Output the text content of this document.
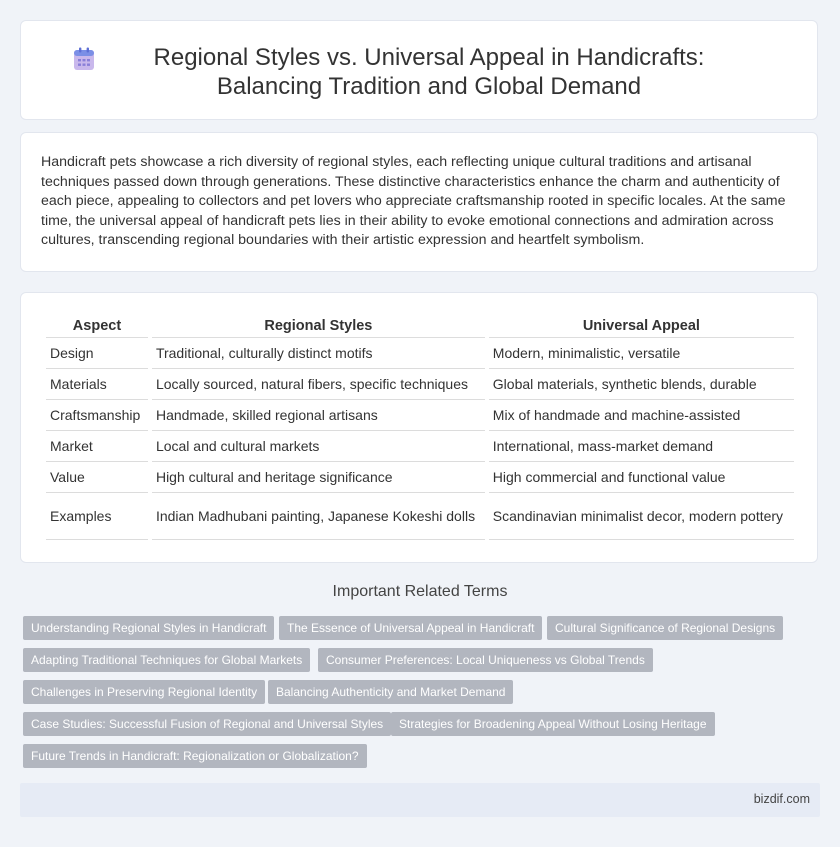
Regional Styles vs. Universal Appeal in Handicrafts: Balancing Tradition and Global Demand

Handicraft pets showcase a rich diversity of regional styles, each reflecting unique cultural traditions and artisanal techniques passed down through generations. These distinctive characteristics enhance the charm and authenticity of each piece, appealing to collectors and pet lovers who appreciate craftsmanship rooted in specific locales. At the same time, the universal appeal of handicraft pets lies in their ability to evoke emotional connections and admiration across cultures, transcending regional boundaries with their artistic expression and heartfelt symbolism.

Aspect	Regional Styles	Universal Appeal
Design	Traditional, culturally distinct motifs	Modern, minimalistic, versatile
Materials	Locally sourced, natural fibers, specific techniques	Global materials, synthetic blends, durable
Craftsmanship	Handmade, skilled regional artisans	Mix of handmade and machine-assisted
Market	Local and cultural markets	International, mass-market demand
Value	High cultural and heritage significance	High commercial and functional value
Examples	Indian Madhubani painting, Japanese Kokeshi dolls	Scandinavian minimalist decor, modern pottery
Important Related Terms
Understanding Regional Styles in Handicraft	The Essence of Universal Appeal in Handicraft	Cultural Significance of Regional Designs
Adapting Traditional Techniques for Global Markets	Consumer Preferences: Local Uniqueness vs Global Trends
Challenges in Preserving Regional Identity	Balancing Authenticity and Market Demand
Case Studies: Successful Fusion of Regional and Universal Styles	Strategies for Broadening Appeal Without Losing Heritage
Future Trends in Handicraft: Regionalization or Globalization?
bizdif.com
